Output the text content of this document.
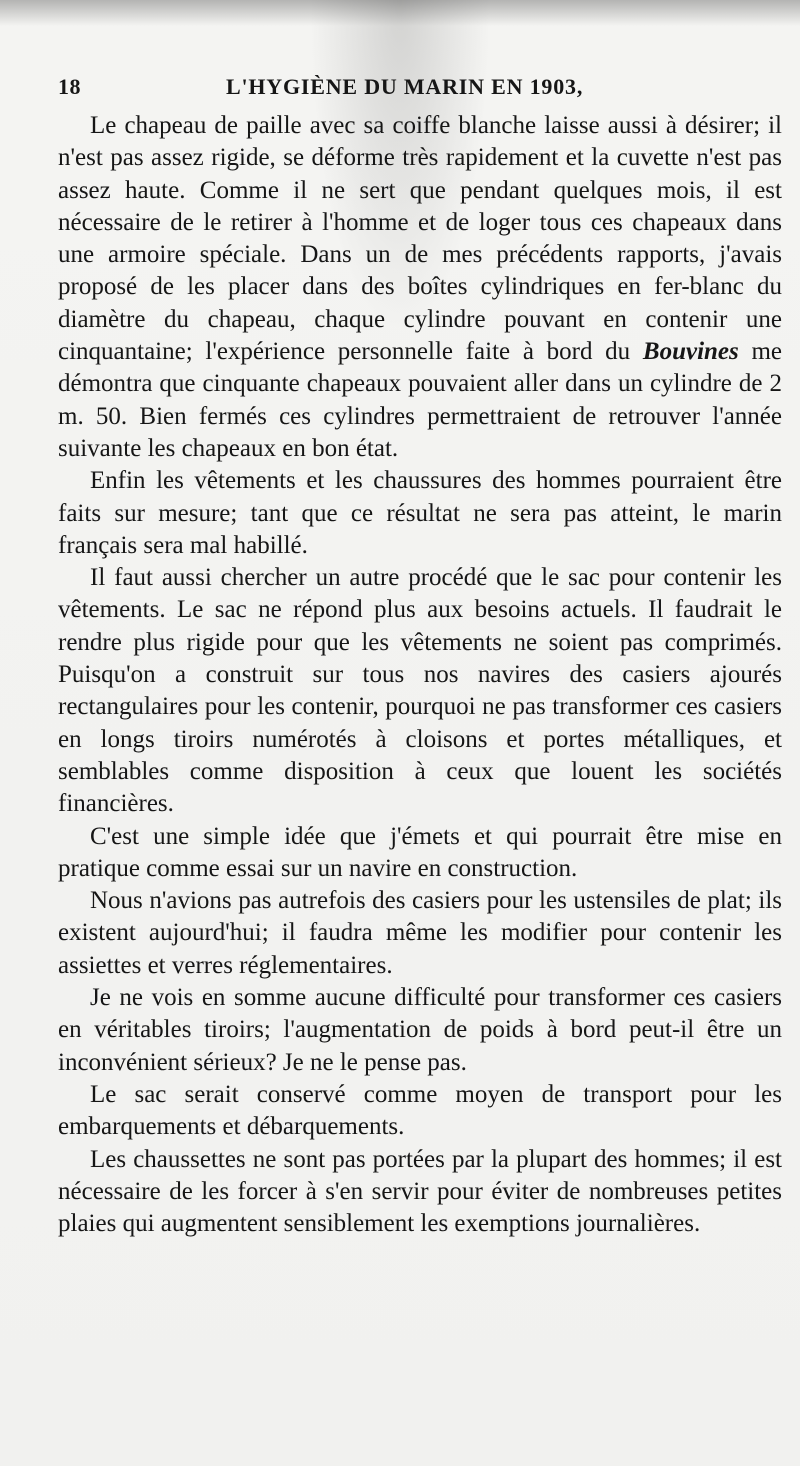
18	L'HYGIÈNE DU MARIN EN 1903,

Le chapeau de paille avec sa coiffe blanche laisse aussi à désirer; il n'est pas assez rigide, se déforme très rapidement et la cuvette n'est pas assez haute. Comme il ne sert que pendant quelques mois, il est nécessaire de le retirer à l'homme et de loger tous ces chapeaux dans une armoire spéciale. Dans un de mes précédents rapports, j'avais proposé de les placer dans des boîtes cylindriques en fer-blanc du diamètre du chapeau, chaque cylindre pouvant en contenir une cinquantaine; l'expérience personnelle faite à bord du Bouvines me démontra que cinquante chapeaux pouvaient aller dans un cylindre de 2 m. 50. Bien fermés ces cylindres permettraient de retrouver l'année suivante les chapeaux en bon état.

Enfin les vêtements et les chaussures des hommes pourraient être faits sur mesure; tant que ce résultat ne sera pas atteint, le marin français sera mal habillé.

Il faut aussi chercher un autre procédé que le sac pour contenir les vêtements. Le sac ne répond plus aux besoins actuels. Il faudrait le rendre plus rigide pour que les vêtements ne soient pas comprimés. Puisqu'on a construit sur tous nos navires des casiers ajourés rectangulaires pour les contenir, pourquoi ne pas transformer ces casiers en longs tiroirs numérotés à cloisons et portes métalliques, et semblables comme disposition à ceux que louent les sociétés financières.

C'est une simple idée que j'émets et qui pourrait être mise en pratique comme essai sur un navire en construction.

Nous n'avions pas autrefois des casiers pour les ustensiles de plat; ils existent aujourd'hui; il faudra même les modifier pour contenir les assiettes et verres réglementaires.

Je ne vois en somme aucune difficulté pour transformer ces casiers en véritables tiroirs; l'augmentation de poids à bord peut-il être un inconvénient sérieux? Je ne le pense pas.

Le sac serait conservé comme moyen de transport pour les embarquements et débarquements.

Les chaussettes ne sont pas portées par la plupart des hommes; il est nécessaire de les forcer à s'en servir pour éviter de nombreuses petites plaies qui augmentent sensiblement les exemptions journalières.
